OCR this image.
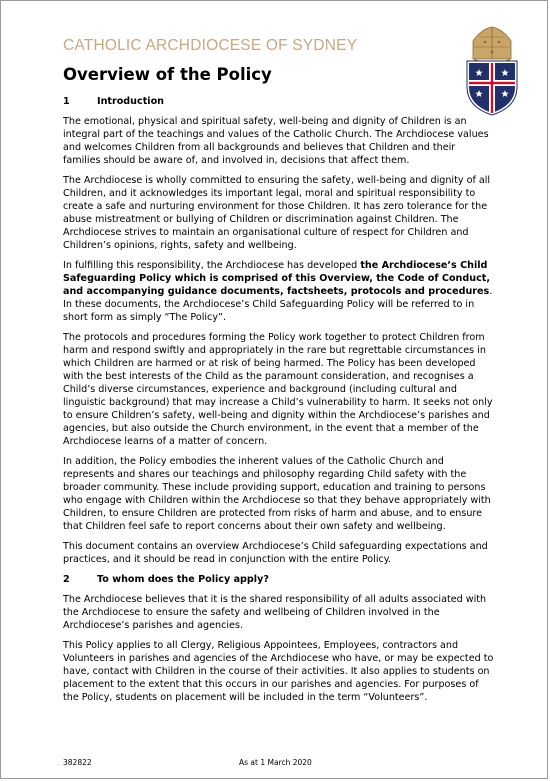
CATHOLIC ARCHDIOCESE OF SYDNEY
Overview of the Policy
1	Introduction

The emotional, physical and spiritual safety, well-being and dignity of Children is an integral part of the teachings and values of the Catholic Church. The Archdiocese values and welcomes Children from all backgrounds and believes that Children and their families should be aware of, and involved in, decisions that affect them.

The Archdiocese is wholly committed to ensuring the safety, well-being and dignity of all Children, and it acknowledges its important legal, moral and spiritual responsibility to create a safe and nurturing environment for those Children. It has zero tolerance for the abuse mistreatment or bullying of Children or discrimination against Children. The Archdiocese strives to maintain an organisational culture of respect for Children and Children’s opinions, rights, safety and wellbeing.

In fulfilling this responsibility, the Archdiocese has developed the Archdiocese’s Child Safeguarding Policy which is comprised of this Overview, the Code of Conduct, and accompanying guidance documents, factsheets, protocols and procedures. In these documents, the Archdiocese’s Child Safeguarding Policy will be referred to in short form as simply “The Policy”.

The protocols and procedures forming the Policy work together to protect Children from harm and respond swiftly and appropriately in the rare but regrettable circumstances in which Children are harmed or at risk of being harmed. The Policy has been developed with the best interests of the Child as the paramount consideration, and recognises a Child’s diverse circumstances, experience and background (including cultural and linguistic background) that may increase a Child’s vulnerability to harm. It seeks not only to ensure Children’s safety, well-being and dignity within the Archdiocese’s parishes and agencies, but also outside the Church environment, in the event that a member of the Archdiocese learns of a matter of concern.

In addition, the Policy embodies the inherent values of the Catholic Church and represents and shares our teachings and philosophy regarding Child safety with the broader community. These include providing support, education and training to persons who engage with Children within the Archdiocese so that they behave appropriately with Children, to ensure Children are protected from risks of harm and abuse, and to ensure that Children feel safe to report concerns about their own safety and wellbeing.

This document contains an overview Archdiocese’s Child safeguarding expectations and practices, and it should be read in conjunction with the entire Policy.

2	To whom does the Policy apply?

The Archdiocese believes that it is the shared responsibility of all adults associated with the Archdiocese to ensure the safety and wellbeing of Children involved in the Archdiocese’s parishes and agencies.

This Policy applies to all Clergy, Religious Appointees, Employees, contractors and Volunteers in parishes and agencies of the Archdiocese who have, or may be expected to have, contact with Children in the course of their activities. It also applies to students on placement to the extent that this occurs in our parishes and agencies. For purposes of the Policy, students on placement will be included in the term “Volunteers”.

382822	As at 1 March 2020
